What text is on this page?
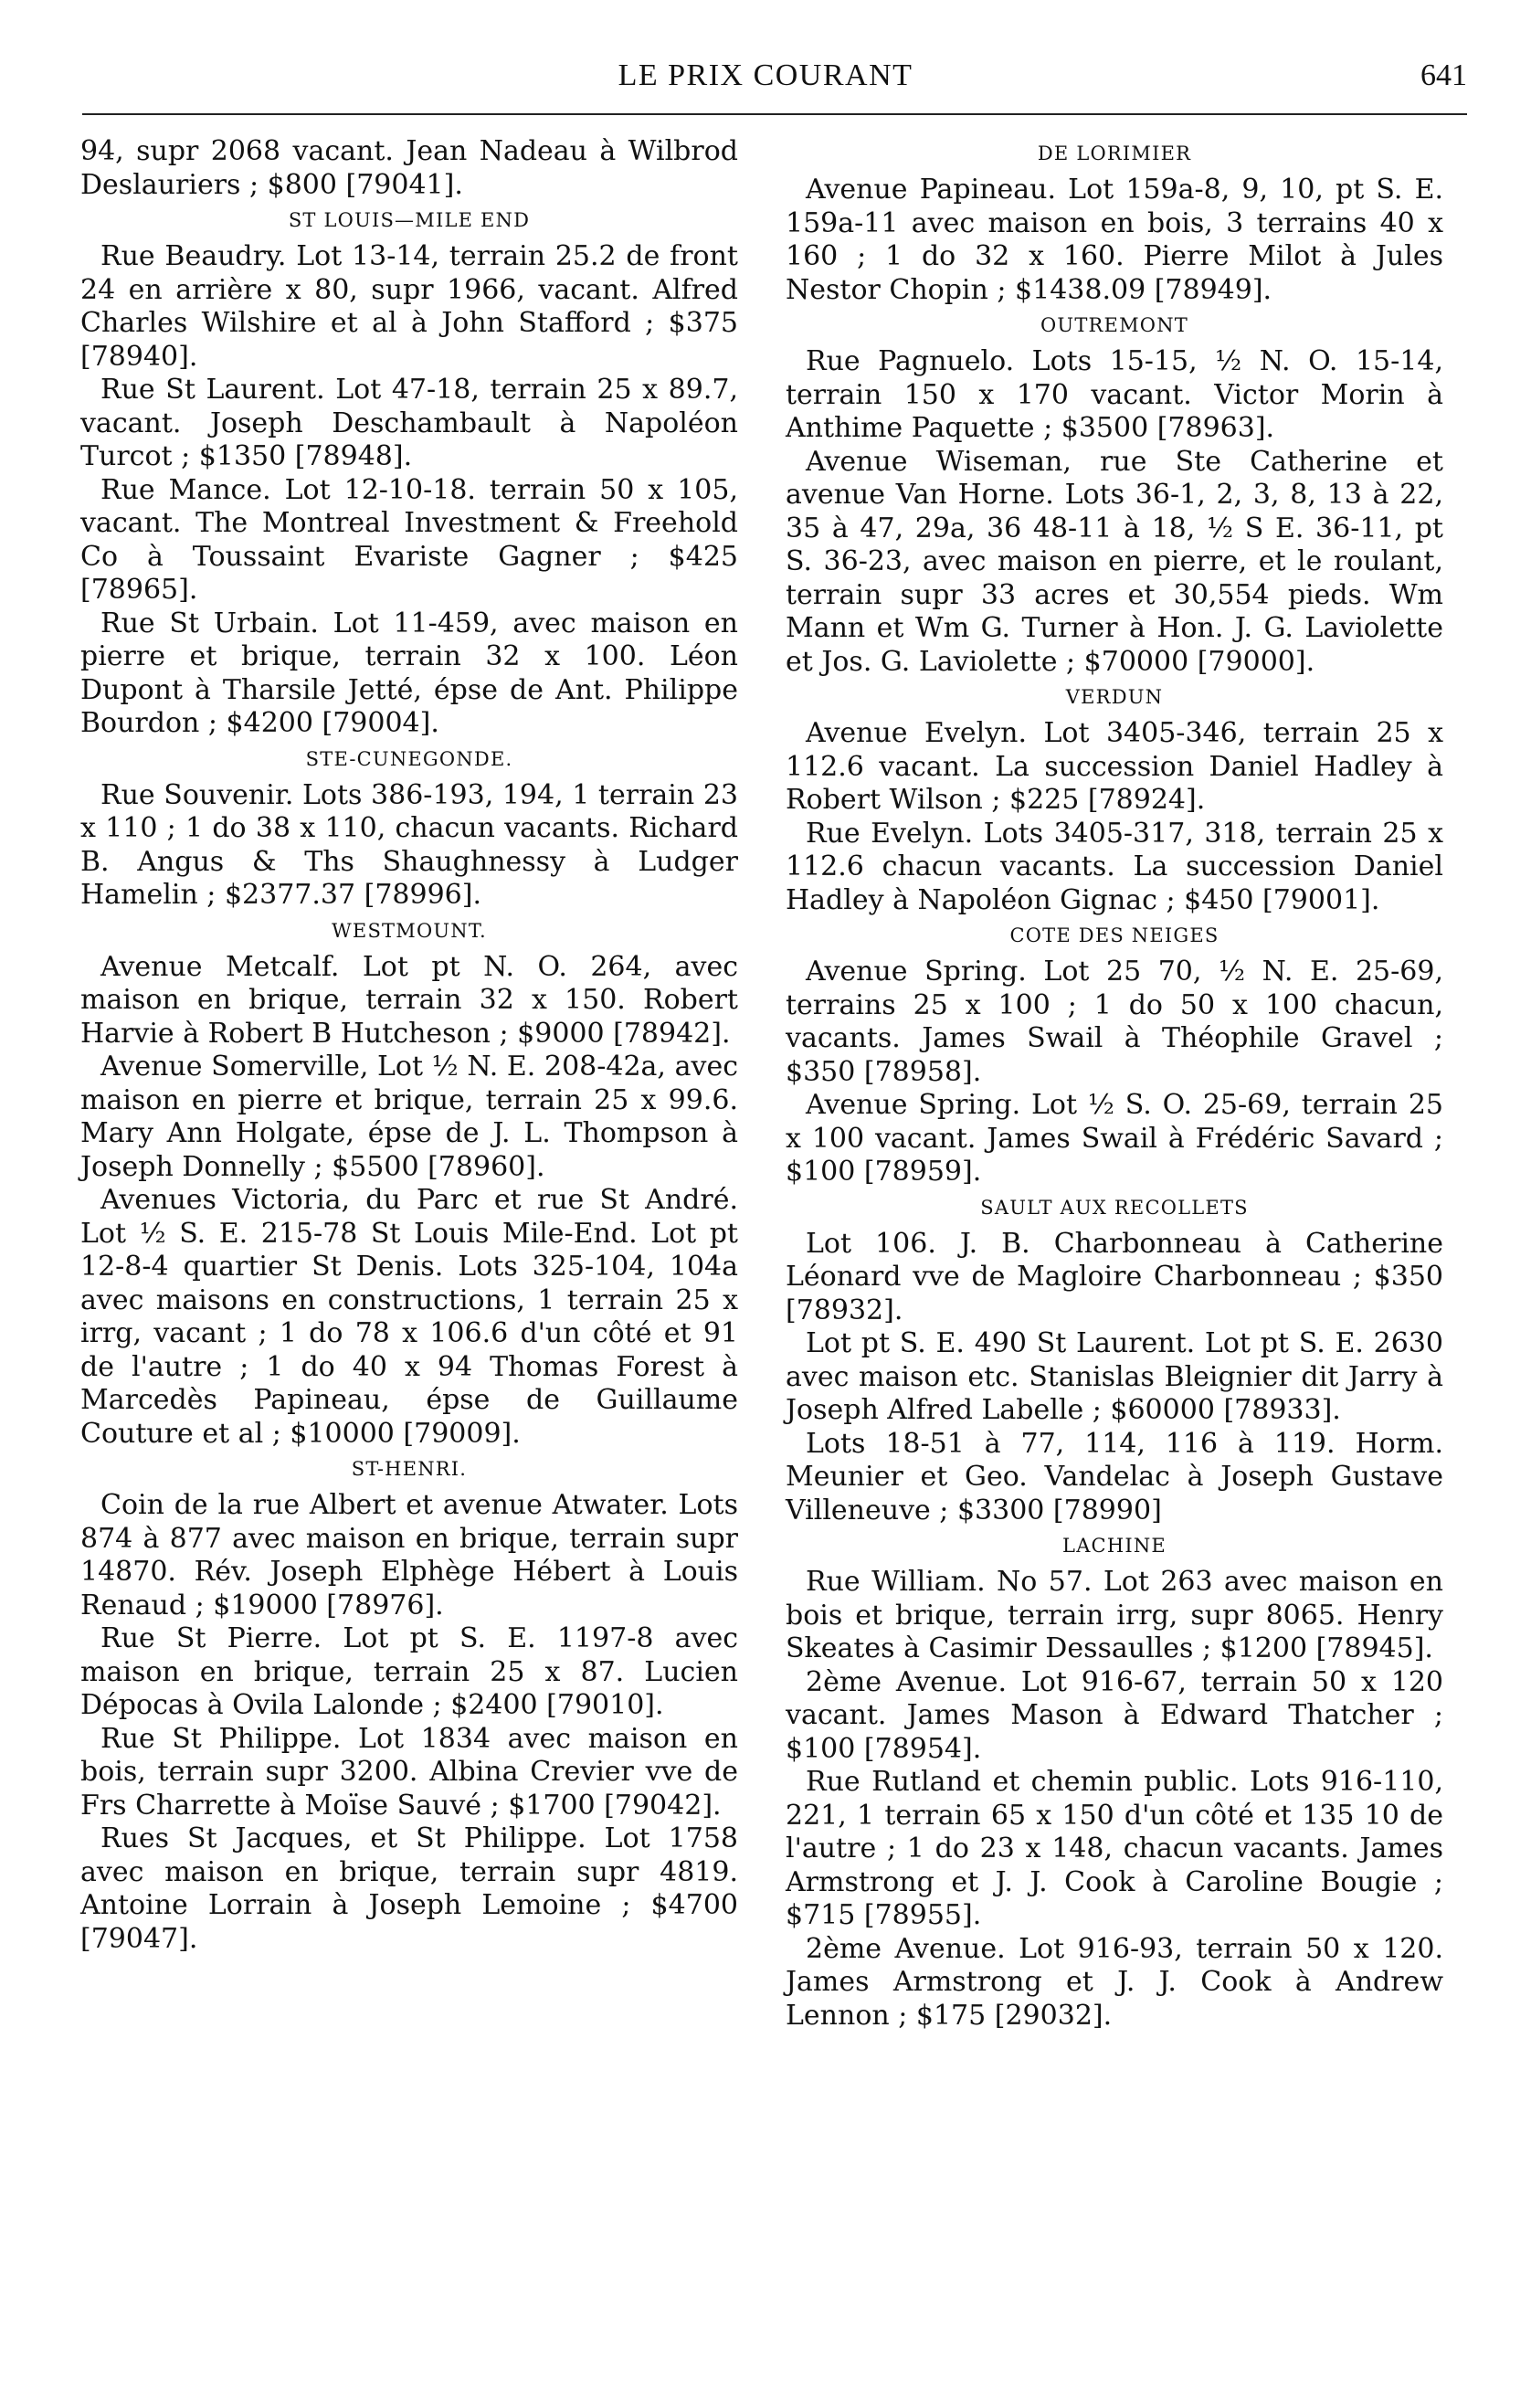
LE PRIX COURANT	641

94, supr 2068 vacant. Jean Nadeau à Wilbrod Deslauriers ; $800 [79041].

ST LOUIS—MILE END

Rue Beaudry. Lot 13-14, terrain 25.2 de front 24 en arrière x 80, supr 1966, vacant. Alfred Charles Wilshire et al à John Stafford ; $375 [78940].

Rue St Laurent. Lot 47-18, terrain 25 x 89.7, vacant. Joseph Deschambault à Napoléon Turcot ; $1350 [78948].

Rue Mance. Lot 12-10-18. terrain 50 x 105, vacant. The Montreal Investment & Freehold Co à Toussaint Evariste Gagner ; $425 [78965].

Rue St Urbain. Lot 11-459, avec maison en pierre et brique, terrain 32 x 100. Léon Dupont à Tharsile Jetté, épse de Ant. Philippe Bourdon ; $4200 [79004].

STE-CUNEGONDE.

Rue Souvenir. Lots 386-193, 194, 1 terrain 23 x 110 ; 1 do 38 x 110, chacun vacants. Richard B. Angus & Ths Shaughnessy à Ludger Hamelin ; $2377.37 [78996].

WESTMOUNT.

Avenue Metcalf. Lot pt N. O. 264, avec maison en brique, terrain 32 x 150. Robert Harvie à Robert B Hutcheson ; $9000 [78942].

Avenue Somerville, Lot ½ N. E. 208-42a, avec maison en pierre et brique, terrain 25 x 99.6. Mary Ann Holgate, épse de J. L. Thompson à Joseph Donnelly ; $5500 [78960].

Avenues Victoria, du Parc et rue St André. Lot ½ S. E. 215-78 St Louis Mile-End. Lot pt 12-8-4 quartier St Denis. Lots 325-104, 104a avec maisons en constructions, 1 terrain 25 x irrg, vacant ; 1 do 78 x 106.6 d'un côté et 91 de l'autre ; 1 do 40 x 94 Thomas Forest à Marcedès Papineau, épse de Guillaume Couture et al ; $10000 [79009].

ST-HENRI.

Coin de la rue Albert et avenue Atwater. Lots 874 à 877 avec maison en brique, terrain supr 14870. Rév. Joseph Elphège Hébert à Louis Renaud ; $19000 [78976].

Rue St Pierre. Lot pt S. E. 1197-8 avec maison en brique, terrain 25 x 87. Lucien Dépocas à Ovila Lalonde ; $2400 [79010].

Rue St Philippe. Lot 1834 avec maison en bois, terrain supr 3200. Albina Crevier vve de Frs Charrette à Moïse Sauvé ; $1700 [79042].

Rues St Jacques, et St Philippe. Lot 1758 avec maison en brique, terrain supr 4819. Antoine Lorrain à Joseph Lemoine ; $4700 [79047].

DE LORIMIER

Avenue Papineau. Lot 159a-8, 9, 10, pt S. E. 159a-11 avec maison en bois, 3 terrains 40 x 160 ; 1 do 32 x 160. Pierre Milot à Jules Nestor Chopin ; $1438.09 [78949].

OUTREMONT

Rue Pagnuelo. Lots 15-15, ½ N. O. 15-14, terrain 150 x 170 vacant. Victor Morin à Anthime Paquette ; $3500 [78963].

Avenue Wiseman, rue Ste Catherine et avenue Van Horne. Lots 36-1, 2, 3, 8, 13 à 22, 35 à 47, 29a, 36 48-11 à 18, ½ S E. 36-11, pt S. 36-23, avec maison en pierre, et le roulant, terrain supr 33 acres et 30,554 pieds. Wm Mann et Wm G. Turner à Hon. J. G. Laviolette et Jos. G. Laviolette ; $70000 [79000].

VERDUN

Avenue Evelyn. Lot 3405-346, terrain 25 x 112.6 vacant. La succession Daniel Hadley à Robert Wilson ; $225 [78924].

Rue Evelyn. Lots 3405-317, 318, terrain 25 x 112.6 chacun vacants. La succession Daniel Hadley à Napoléon Gignac ; $450 [79001].

COTE DES NEIGES

Avenue Spring. Lot 25 70, ½ N. E. 25-69, terrains 25 x 100 ; 1 do 50 x 100 chacun, vacants. James Swail à Théophile Gravel ; $350 [78958].

Avenue Spring. Lot ½ S. O. 25-69, terrain 25 x 100 vacant. James Swail à Frédéric Savard ; $100 [78959].

SAULT AUX RECOLLETS

Lot 106. J. B. Charbonneau à Catherine Léonard vve de Magloire Charbonneau ; $350 [78932].

Lot pt S. E. 490 St Laurent. Lot pt S. E. 2630 avec maison etc. Stanislas Bleignier dit Jarry à Joseph Alfred Labelle ; $60000 [78933].

Lots 18-51 à 77, 114, 116 à 119. Horm. Meunier et Geo. Vandelac à Joseph Gustave Villeneuve ; $3300 [78990]

LACHINE

Rue William. No 57. Lot 263 avec maison en bois et brique, terrain irrg, supr 8065. Henry Skeates à Casimir Dessaulles ; $1200 [78945].

2ème Avenue. Lot 916-67, terrain 50 x 120 vacant. James Mason à Edward Thatcher ; $100 [78954].

Rue Rutland et chemin public. Lots 916-110, 221, 1 terrain 65 x 150 d'un côté et 135 10 de l'autre ; 1 do 23 x 148, chacun vacants. James Armstrong et J. J. Cook à Caroline Bougie ; $715 [78955].

2ème Avenue. Lot 916-93, terrain 50 x 120. James Armstrong et J. J. Cook à Andrew Lennon ; $175 [29032].
